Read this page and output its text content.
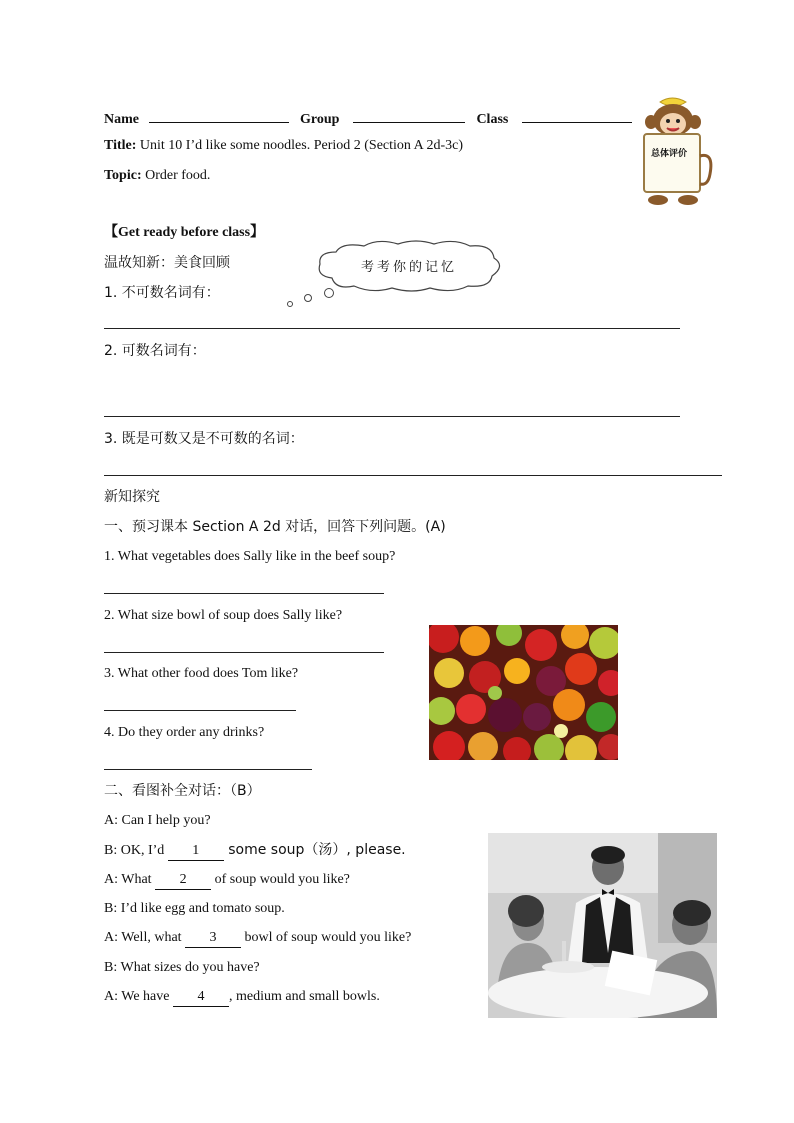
Name	Group	Class
Title: Unit 10 I’d like some noodles. Period 2 (Section A 2d-3c)
Topic: Order food.
总体评价
【Get ready before class】
温故知新：美食回顾	考考你的记忆
1. 不可数名词有：
2. 可数名词有：
3. 既是可数又是不可数的名词：
新知探究
一、预习课本 Section A 2d 对话，回答下列问题。(A)
1. What vegetables does Sally like in the beef soup?
2. What size bowl of soup does Sally like?
3. What other food does Tom like?
4. Do they order any drinks?
二、看图补全对话：（B）
A: Can I help you?
B: OK, I’d 1 some soup（汤）, please.
A: What 2 of soup would you like?
B: I’d like egg and tomato soup.
A: Well, what 3 bowl of soup would you like?
B: What sizes do you have?
A: We have 4 , medium and small bowls.
